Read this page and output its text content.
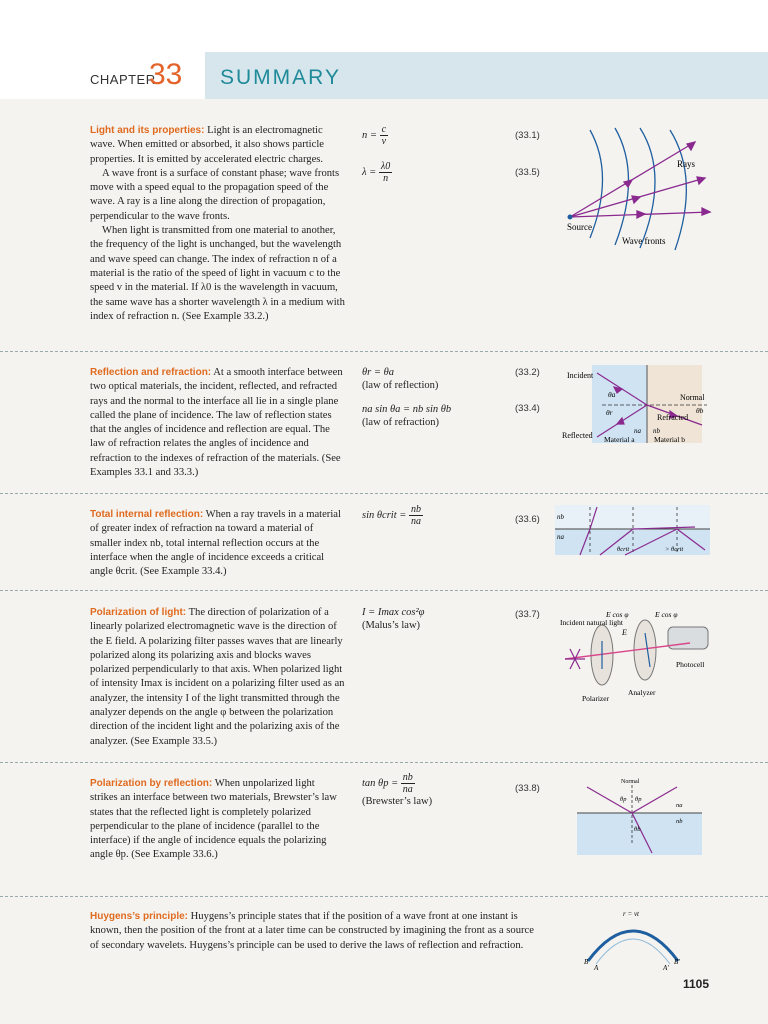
CHAPTER
33 SUMMARY

Light and its properties: Light is an electromagnetic wave. When emitted or absorbed, it also shows particle properties. It is emitted by accelerated electric charges.

A wave front is a surface of constant phase; wave fronts move with a speed equal to the propagation speed of the wave. A ray is a line along the direction of propagation, perpendicular to the wave fronts.

When light is transmitted from one material to another, the frequency of the light is unchanged, but the wavelength and wave speed can change. The index of refraction n of a material is the ratio of the speed of light in vacuum c to the speed v in the material. If λ0 is the wavelength in vacuum, the same wave has a shorter wavelength λ in a medium with index of refraction n. (See Example 33.2.)

$n = \frac{c}{v}$	(33.1)
$\lambda = \frac{\lambda 0}{n}$	(33.5)
Rays
Source
Wave fronts

Reflection and refraction: At a smooth interface between two optical materials, the incident, reflected, and refracted rays and the normal to the interface all lie in a single plane called the plane of incidence. The law of reflection states that the angles of incidence and reflection are equal. The law of refraction relates the angles of incidence and refraction to the indexes of refraction of the materials. (See Examples 33.1 and 33.3.)

θr = θa
(law of reflection)
(33.2)
na sin θa = nb sin θb
(law of refraction)
(33.4)
Incident
Normal
Refracted
Reflected Material a	Material b
θa
θr	θb
na nb

Total internal reflection: When a ray travels in a material of greater index of refraction na toward a material of smaller index nb, total internal reflection occurs at the interface when the angle of incidence exceeds a critical angle θcrit. (See Example 33.4.)

sin θcrit = $\frac{nb}{na}$	(33.6) nb
na
θcrit	> θcrit

Polarization of light: The direction of polarization of a linearly polarized electromagnetic wave is the direction of the E field. A polarizing filter passes waves that are linearly polarized along its polarizing axis and blocks waves polarized perpendicularly to that axis. When polarized light of intensity Imax is incident on a polarizing filter used as an analyzer, the intensity I of the light transmitted through the analyzer depends on the angle φ between the polarization direction of the incident light and the polarizing axis of the analyzer. (See Example 33.5.)

I = Imax cos²φ
(Malus’s law)
(33.7)
Incident natural light
E cos φ	E cos φ
E
Photocell
Analyzer
Polarizer

Polarization by reflection: When unpolarized light strikes an interface between two materials, Brewster’s law states that the reflected light is completely polarized perpendicular to the plane of incidence (parallel to the interface) if the angle of incidence equals the polarizing angle θp. (See Example 33.6.)

$\tan \theta p = \frac{nb}{na}$
(Brewster’s law)
(33.8)
Normal
θp θp
na
nb
θb

Huygens’s principle: Huygens’s principle states that if the position of a wave front at one instant is known, then the position of the front at a later time can be constructed by imagining the front as a source of secondary wavelets. Huygens’s principle can be used to derive the laws of reflection and refraction.

r = vt
B
A	A′
B′
1105
